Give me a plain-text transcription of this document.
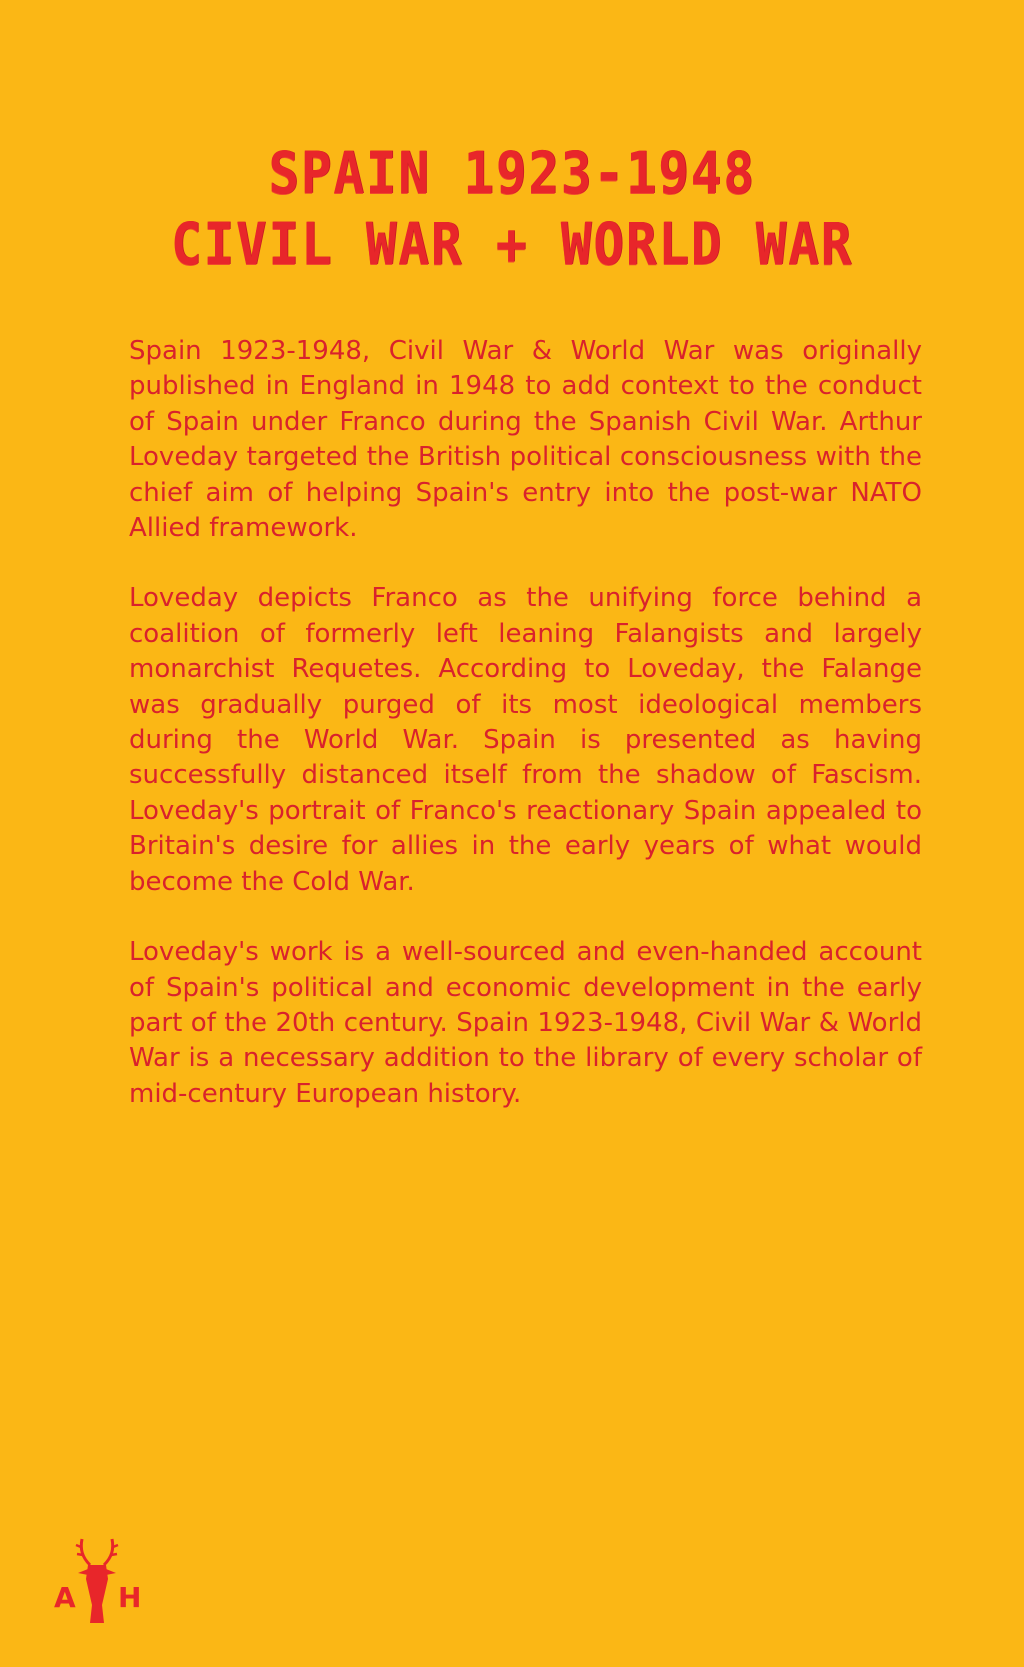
SPAIN 1923-1948
CIVIL WAR + WORLD WAR

Spain 1923-1948, Civil War & World War was originally published in England in 1948 to add context to the conduct of Spain under Franco during the Spanish Civil War. Arthur Loveday targeted the British political consciousness with the chief aim of helping Spain's entry into the post-war NATO Allied framework.

Loveday depicts Franco as the unifying force behind a coalition of formerly left leaning Falangists and largely monarchist Requetes. According to Loveday, the Falange was gradually purged of its most ideological members during the World War. Spain is presented as having successfully distanced itself from the shadow of Fascism. Loveday's portrait of Franco's reactionary Spain appealed to Britain's desire for allies in the early years of what would become the Cold War.

Loveday's work is a well-sourced and even-handed account of Spain's political and economic development in the early part of the 20th century. Spain 1923-1948, Civil War & World War is a necessary addition to the library of every scholar of mid-century European history.

A H
